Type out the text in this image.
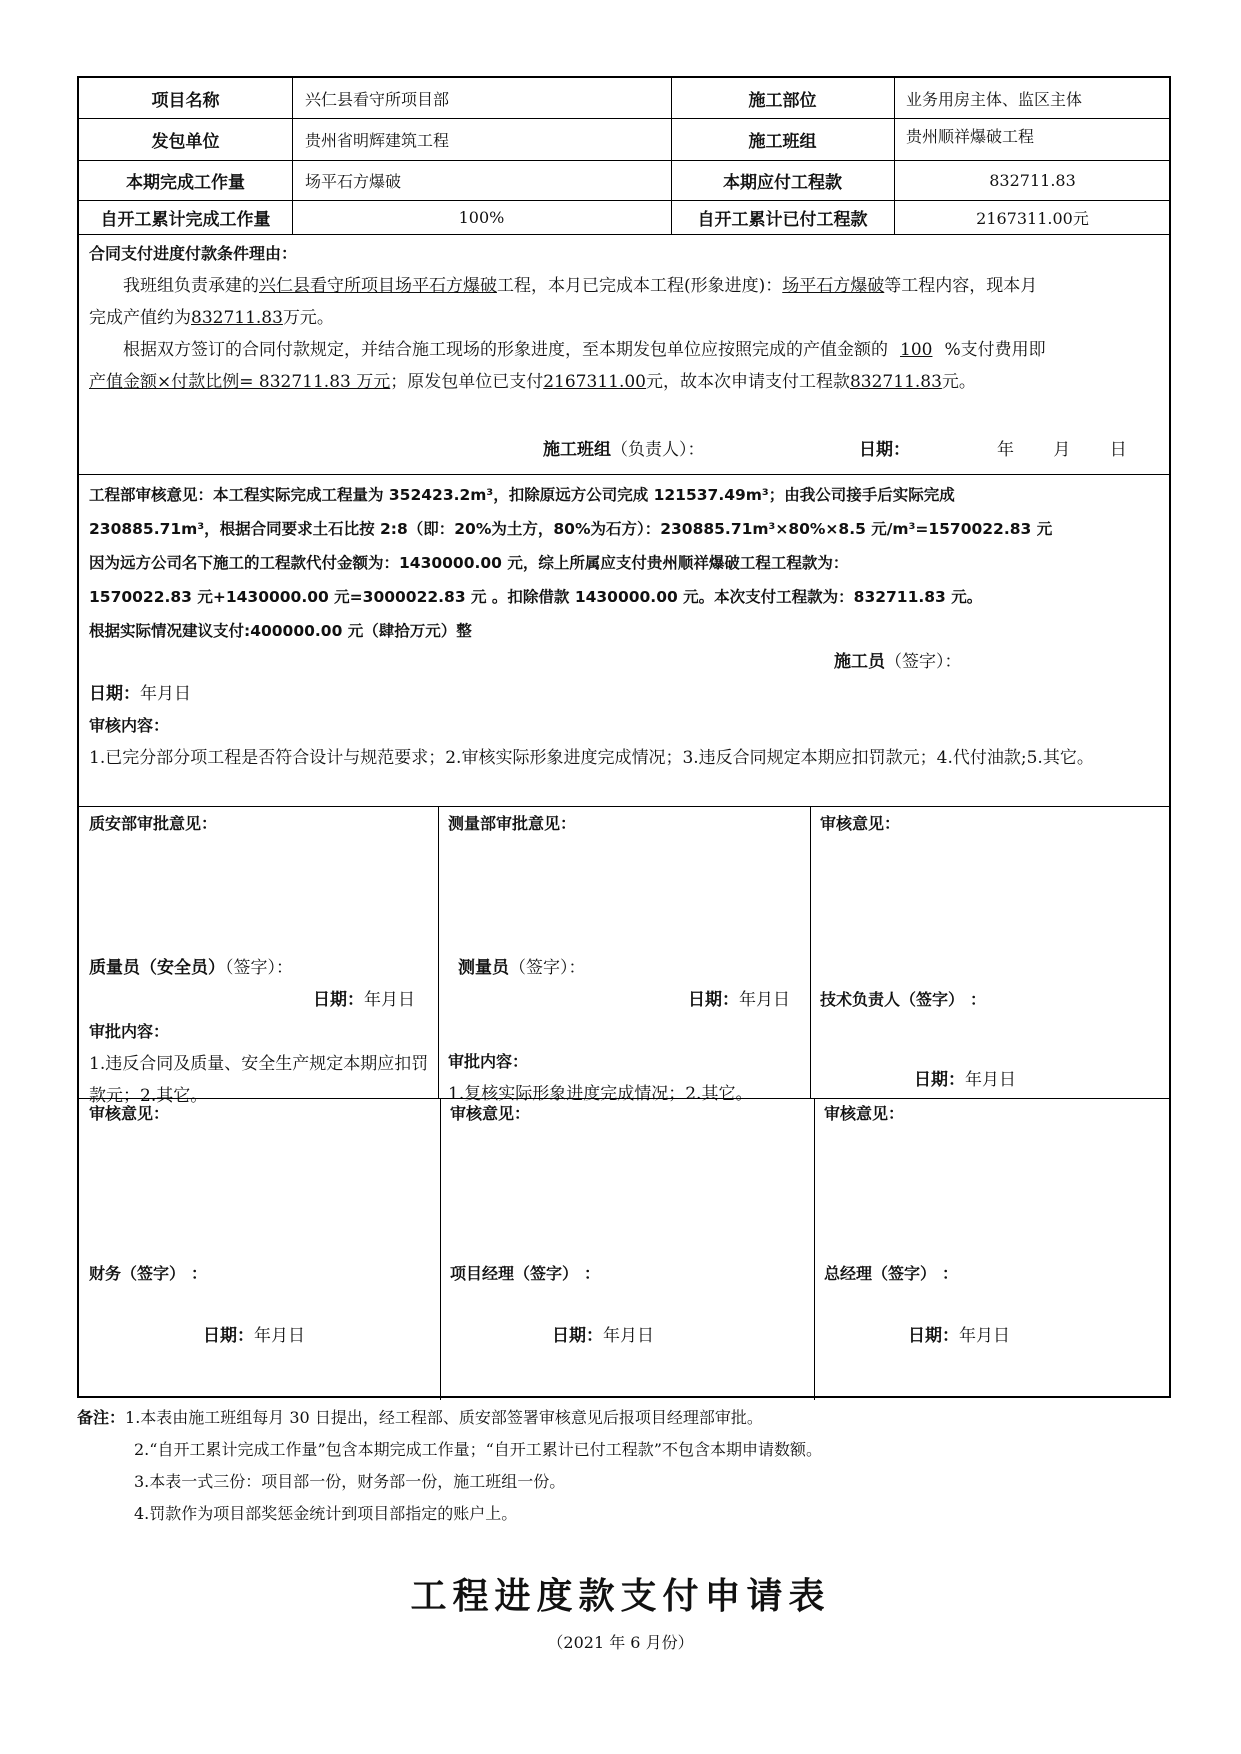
项目名称	兴仁县看守所项目部	施工部位	业务用房主体、监区主体
发包单位	贵州省明辉建筑工程	施工班组	贵州顺祥爆破工程
本期完成工作量	场平石方爆破	本期应付工程款	832711.83
自开工累计完成工作量	100%	自开工累计已付工程款	2167311.00元
合同支付进度付款条件理由：
我班组负责承建的兴仁县看守所项目场平石方爆破工程，本月已完成本工程(形象进度)：场平石方爆破等工程内容，现本月
完成产值约为832711.83万元。
根据双方签订的合同付款规定，并结合施工现场的形象进度，至本期发包单位应按照完成的产值金额的 100 %支付费用即
产值金额×付款比例= 832711.83 万元；原发包单位已支付2167311.00元，故本次申请支付工程款832711.83元。
施工班组（负责人）：	日期：	年 月 日
工程部审核意见：本工程实际完成工程量为 352423.2m³，扣除原远方公司完成 121537.49m³；由我公司接手后实际完成
230885.71m³，根据合同要求土石比按 2:8（即：20%为土方，80%为石方）：230885.71m³×80%×8.5 元/m³=1570022.83 元
因为远方公司名下施工的工程款代付金额为：1430000.00 元，综上所属应支付贵州顺祥爆破工程工程款为：
1570022.83 元+1430000.00 元=3000022.83 元 。扣除借款 1430000.00 元。本次支付工程款为：832711.83 元。
根据实际情况建议支付:400000.00 元（肆拾万元）整
施工员（签字）：
日期：年月日
审核内容：
1.已完分部分项工程是否符合设计与规范要求；2.审核实际形象进度完成情况；3.违反合同规定本期应扣罚款元；4.代付油款;5.其它。
质安部审批意见：
质量员（安全员）（签字）：
日期：年月日
审批内容：
1.违反合同及质量、安全生产规定本期应扣罚款元；2.其它。
测量部审批意见：
测量员（签字）：
日期：年月日
审批内容：
1.复核实际形象进度完成情况；2.其它。
审核意见：
技术负责人（签字） ：
日期：年月日
审核意见：
财务（签字） ：
日期：年月日
审核意见：
项目经理（签字） ：
日期：年月日
审核意见：
总经理（签字） ：
日期：年月日
备注：1.本表由施工班组每月 30 日提出，经工程部、质安部签署审核意见后报项目经理部审批。
2.“自开工累计完成工作量”包含本期完成工作量；“自开工累计已付工程款”不包含本期申请数额。
3.本表一式三份：项目部一份，财务部一份，施工班组一份。
4.罚款作为项目部奖惩金统计到项目部指定的账户上。
工程进度款支付申请表
（2021 年 6 月份）
